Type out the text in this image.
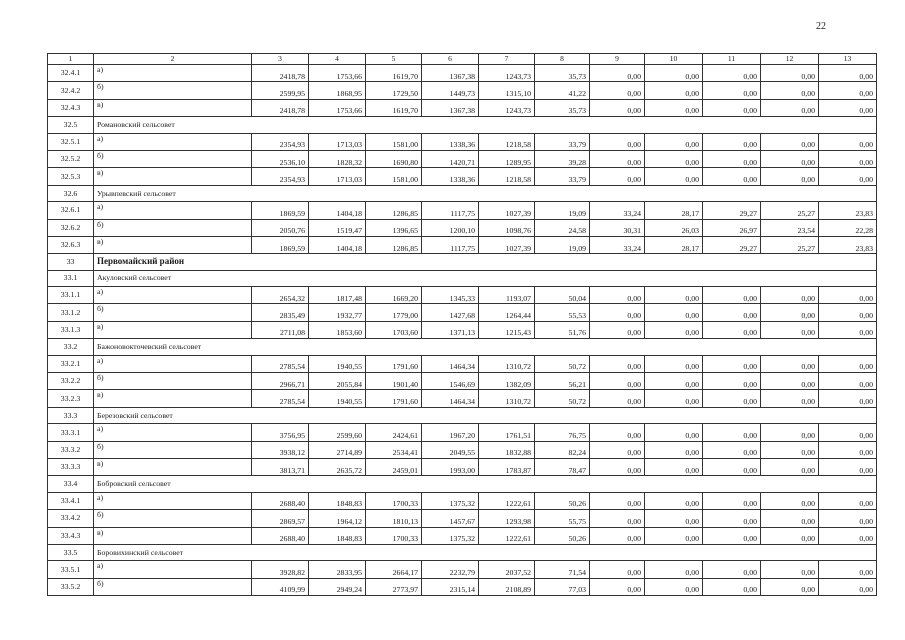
22
1	2	3	4	5	6	7	8	9	10	11	12	13
32.4.1	а)	2418,78	1753,66	1619,70	1367,38	1243,73	35,73	0,00	0,00	0,00	0,00	0,00
32.4.2	б)	2599,95	1868,95	1729,50	1449,73	1315,10	41,22	0,00	0,00	0,00	0,00	0,00
32.4.3	в)	2418,78	1753,66	1619,70	1367,38	1243,73	35,73	0,00	0,00	0,00	0,00	0,00
32.5	Романовский сельсовет											
32.5.1	а)	2354,93	1713,03	1581,00	1338,36	1218,58	33,79	0,00	0,00	0,00	0,00	0,00
32.5.2	б)	2536,10	1828,32	1690,80	1420,71	1289,95	39,28	0,00	0,00	0,00	0,00	0,00
32.5.3	в)	2354,93	1713,03	1581,00	1338,36	1218,58	33,79	0,00	0,00	0,00	0,00	0,00
32.6	Урывпевский сельсовет											
32.6.1	а)	1869,59	1404,18	1286,85	1117,75	1027,39	19,09	33,24	28,17	29,27	25,27	23,83
32.6.2	б)	2050,76	1519,47	1396,65	1200,10	1098,76	24,58	30,31	26,03	26,97	23,54	22,28
32.6.3	в)	1869,59	1404,18	1286,85	1117,75	1027,39	19,09	33,24	28,17	29,27	25,27	23,83
33	Первомайский район											
33.1	Акуловский сельсовет											
33.1.1	а)	2654,32	1817,48	1669,20	1345,33	1193,07	50,04	0,00	0,00	0,00	0,00	0,00
33.1.2	б)	2835,49	1932,77	1779,00	1427,68	1264,44	55,53	0,00	0,00	0,00	0,00	0,00
33.1.3	в)	2711,08	1853,60	1703,60	1371,13	1215,43	51,76	0,00	0,00	0,00	0,00	0,00
33.2	Бажоновокточевский сельсовет											
33.2.1	а)	2785,54	1940,55	1791,60	1464,34	1310,72	50,72	0,00	0,00	0,00	0,00	0,00
33.2.2	б)	2966,71	2055,84	1901,40	1546,69	1382,09	56,21	0,00	0,00	0,00	0,00	0,00
33.2.3	в)	2785,54	1940,55	1791,60	1464,34	1310,72	50,72	0,00	0,00	0,00	0,00	0,00
33.3	Березовский сельсовет											
33.3.1	а)	3756,95	2599,60	2424,61	1967,20	1761,51	76,75	0,00	0,00	0,00	0,00	0,00
33.3.2	б)	3938,12	2714,89	2534,41	2049,55	1832,88	82,24	0,00	0,00	0,00	0,00	0,00
33.3.3	в)	3813,71	2635,72	2459,01	1993,00	1783,87	78,47	0,00	0,00	0,00	0,00	0,00
33.4	Бобровский сельсовет											
33.4.1	а)	2688,40	1848,83	1700,33	1375,32	1222,61	50,26	0,00	0,00	0,00	0,00	0,00
33.4.2	б)	2869,57	1964,12	1810,13	1457,67	1293,98	55,75	0,00	0,00	0,00	0,00	0,00
33.4.3	в)	2688,40	1848,83	1700,33	1375,32	1222,61	50,26	0,00	0,00	0,00	0,00	0,00
33.5	Боровихинский сельсовет											
33.5.1	а)	3928,82	2833,95	2664,17	2232,79	2037,52	71,54	0,00	0,00	0,00	0,00	0,00
33.5.2	б)	4109,99	2949,24	2773,97	2315,14	2108,89	77,03	0,00	0,00	0,00	0,00	0,00
